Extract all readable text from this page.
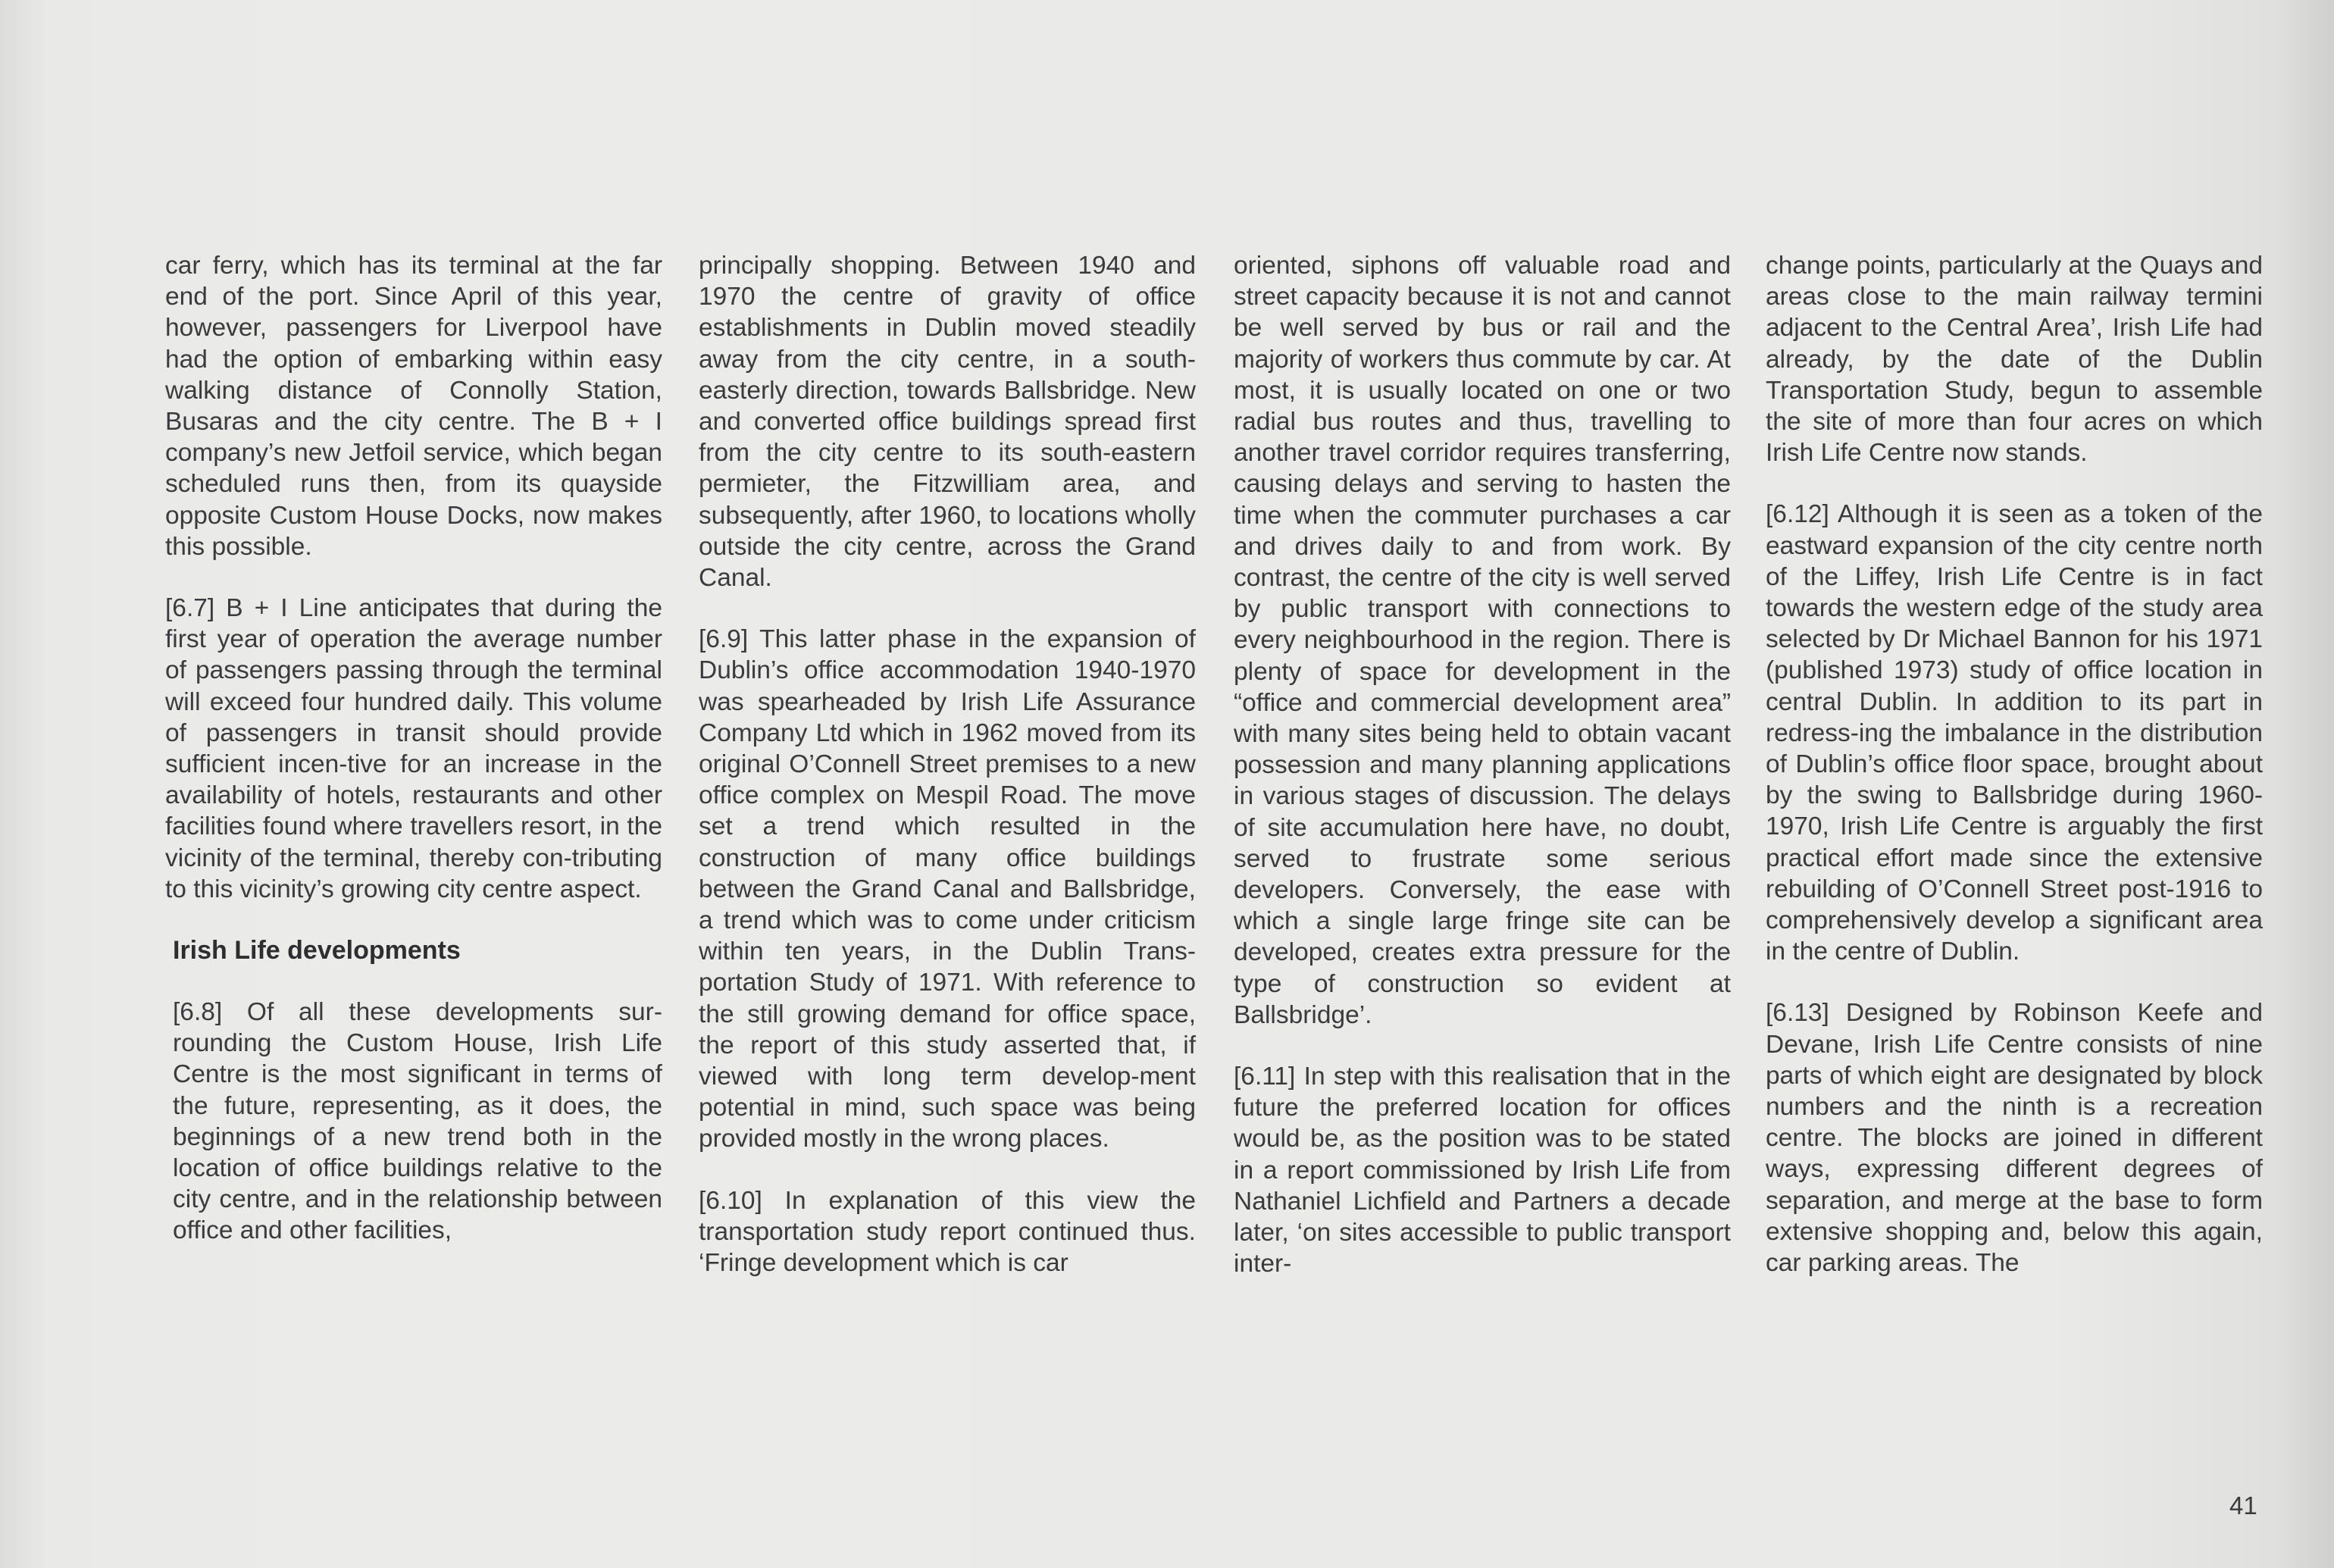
car ferry, which has its terminal at the far end of the port. Since April of this year, however, passengers for Liverpool have had the option of embarking within easy walking distance of Connolly Station, Busaras and the city centre. The B + I company’s new Jetfoil service, which began scheduled runs then, from its quayside opposite Custom House Docks, now makes this possible.

[6.7] B + I Line anticipates that during the first year of operation the average number of passengers passing through the terminal will exceed four hundred daily. This volume of passengers in transit should provide sufficient incen-tive for an increase in the availability of hotels, restaurants and other facilities found where travellers resort, in the vicinity of the terminal, thereby con-tributing to this vicinity’s growing city centre aspect.

Irish Life developments

[6.8] Of all these developments sur-rounding the Custom House, Irish Life Centre is the most significant in terms of the future, representing, as it does, the beginnings of a new trend both in the location of office buildings relative to the city centre, and in the relationship between office and other facilities,

principally shopping. Between 1940 and 1970 the centre of gravity of office establishments in Dublin moved steadily away from the city centre, in a south-easterly direction, towards Ballsbridge. New and converted office buildings spread first from the city centre to its south-eastern permieter, the Fitzwilliam area, and subsequently, after 1960, to locations wholly outside the city centre, across the Grand Canal.

[6.9] This latter phase in the expansion of Dublin’s office accommodation 1940-1970 was spearheaded by Irish Life Assurance Company Ltd which in 1962 moved from its original O’Connell Street premises to a new office complex on Mespil Road. The move set a trend which resulted in the construction of many office buildings between the Grand Canal and Ballsbridge, a trend which was to come under criticism within ten years, in the Dublin Trans-portation Study of 1971. With reference to the still growing demand for office space, the report of this study asserted that, if viewed with long term develop-ment potential in mind, such space was being provided mostly in the wrong places.

[6.10] In explanation of this view the transportation study report continued thus. ‘Fringe development which is car

oriented, siphons off valuable road and street capacity because it is not and cannot be well served by bus or rail and the majority of workers thus commute by car. At most, it is usually located on one or two radial bus routes and thus, travelling to another travel corridor requires transferring, causing delays and serving to hasten the time when the commuter purchases a car and drives daily to and from work. By contrast, the centre of the city is well served by public transport with connections to every neighbourhood in the region. There is plenty of space for development in the “office and commercial development area” with many sites being held to obtain vacant possession and many planning applications in various stages of discussion. The delays of site accumulation here have, no doubt, served to frustrate some serious developers. Conversely, the ease with which a single large fringe site can be developed, creates extra pressure for the type of construction so evident at Ballsbridge’.

[6.11] In step with this realisation that in the future the preferred location for offices would be, as the position was to be stated in a report commissioned by Irish Life from Nathaniel Lichfield and Partners a decade later, ‘on sites accessible to public transport inter-

change points, particularly at the Quays and areas close to the main railway termini adjacent to the Central Area’, Irish Life had already, by the date of the Dublin Transportation Study, begun to assemble the site of more than four acres on which Irish Life Centre now stands.

[6.12] Although it is seen as a token of the eastward expansion of the city centre north of the Liffey, Irish Life Centre is in fact towards the western edge of the study area selected by Dr Michael Bannon for his 1971 (published 1973) study of office location in central Dublin. In addition to its part in redress-ing the imbalance in the distribution of Dublin’s office floor space, brought about by the swing to Ballsbridge during 1960-1970, Irish Life Centre is arguably the first practical effort made since the extensive rebuilding of O’Connell Street post-1916 to comprehensively develop a significant area in the centre of Dublin.

[6.13] Designed by Robinson Keefe and Devane, Irish Life Centre consists of nine parts of which eight are designated by block numbers and the ninth is a recreation centre. The blocks are joined in different ways, expressing different degrees of separation, and merge at the base to form extensive shopping and, below this again, car parking areas. The

41
